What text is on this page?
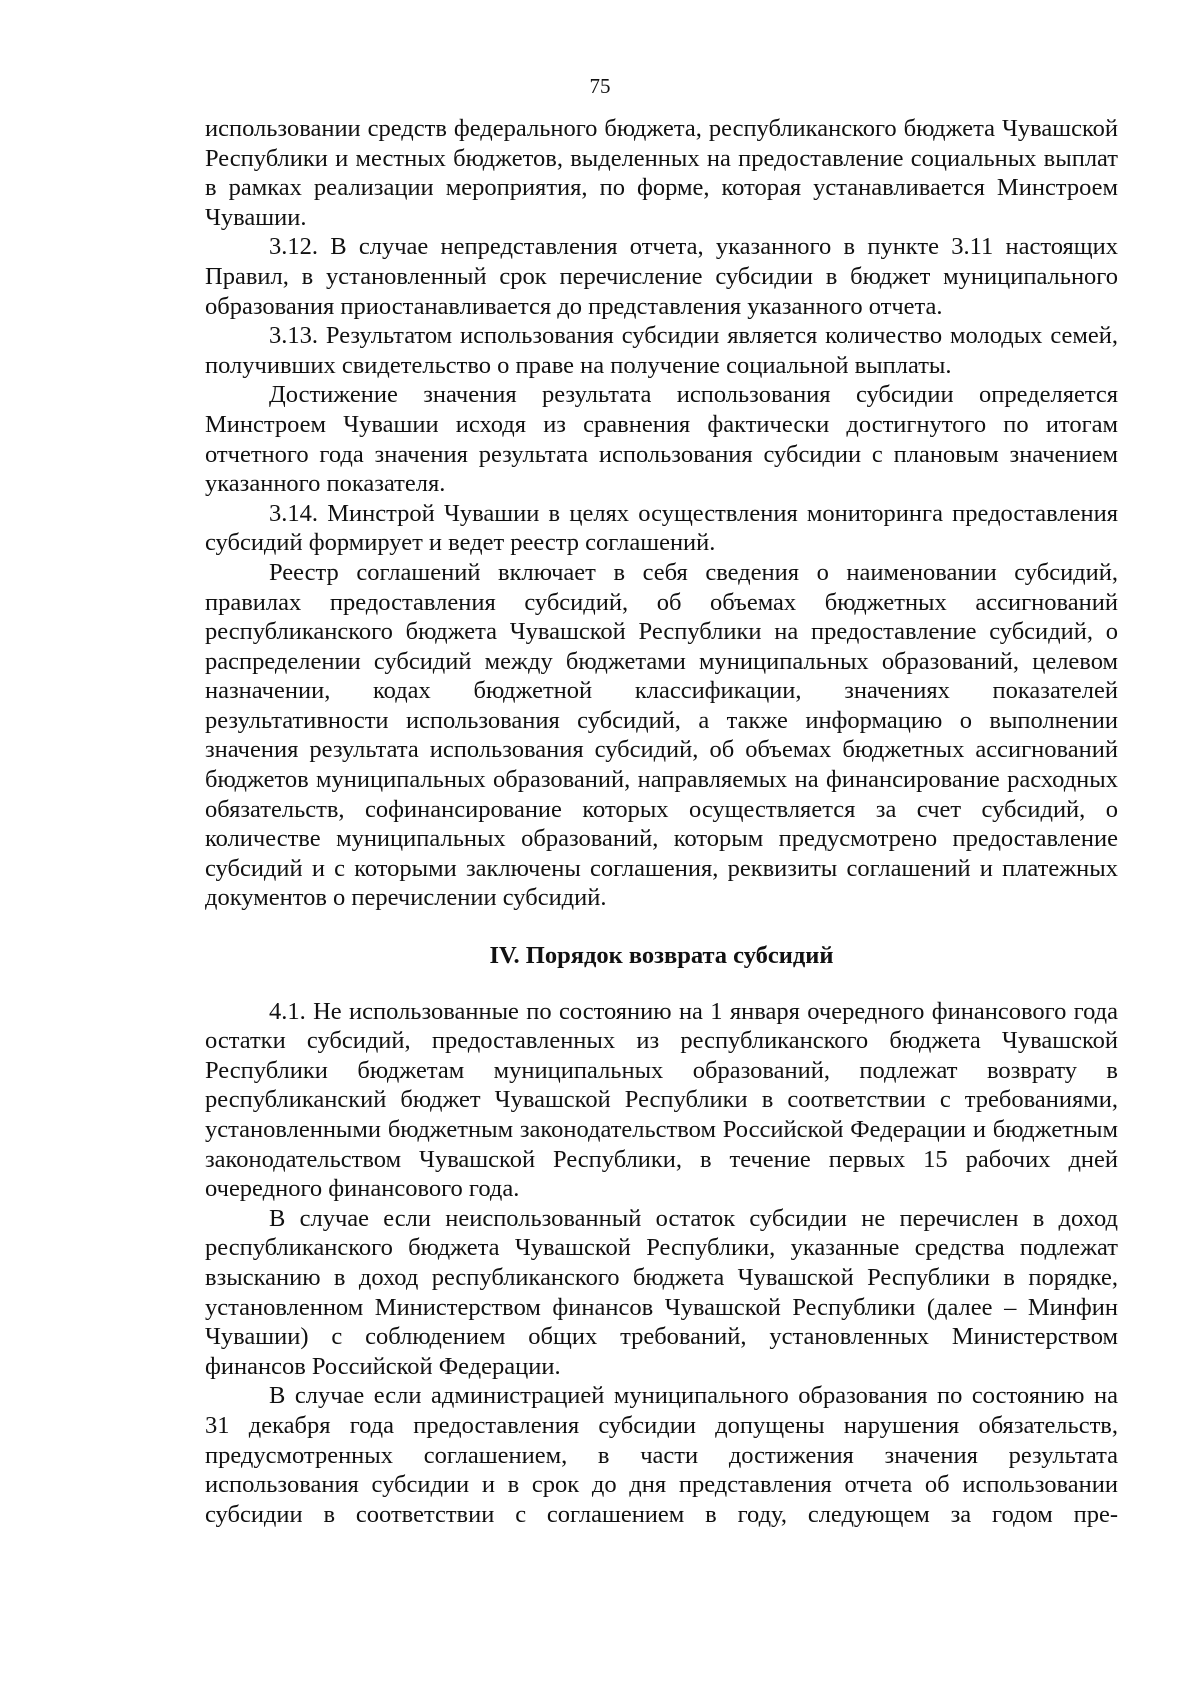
75

использовании средств федерального бюджета, республиканского бюджета Чувашской Республики и местных бюджетов, выделенных на предоставление социальных выплат в рамках реализации мероприятия, по форме, которая устанавливается Минстроем Чувашии.

3.12. В случае непредставления отчета, указанного в пункте 3.11 настоящих Правил, в установленный срок перечисление субсидии в бюджет муниципального образования приостанавливается до представления указанного отчета.

3.13. Результатом использования субсидии является количество молодых семей, получивших свидетельство о праве на получение социальной выплаты.

Достижение значения результата использования субсидии определяется Минстроем Чувашии исходя из сравнения фактически достигнутого по итогам отчетного года значения результата использования субсидии с плановым значением указанного показателя.

3.14. Минстрой Чувашии в целях осуществления мониторинга предоставления субсидий формирует и ведет реестр соглашений.

Реестр соглашений включает в себя сведения о наименовании субсидий, правилах предоставления субсидий, об объемах бюджетных ассигнований республиканского бюджета Чувашской Республики на предоставление субсидий, о распределении субсидий между бюджетами муниципальных образований, целевом назначении, кодах бюджетной классификации, значениях показателей результативности использования субсидий, а также информацию о выполнении значения результата использования субсидий, об объемах бюджетных ассигнований бюджетов муниципальных образований, направляемых на финансирование расходных обязательств, софинансирование которых осуществляется за счет субсидий, о количестве муниципальных образований, которым предусмотрено предоставление субсидий и с которыми заключены соглашения, реквизиты соглашений и платежных документов о перечислении субсидий.

IV. Порядок возврата субсидий

4.1. Не использованные по состоянию на 1 января очередного финансового года остатки субсидий, предоставленных из республиканского бюджета Чувашской Республики бюджетам муниципальных образований, подлежат возврату в республиканский бюджет Чувашской Республики в соответствии с требованиями, установленными бюджетным законодательством Российской Федерации и бюджетным законодательством Чувашской Республики, в течение первых 15 рабочих дней очередного финансового года.

В случае если неиспользованный остаток субсидии не перечислен в доход республиканского бюджета Чувашской Республики, указанные средства подлежат взысканию в доход республиканского бюджета Чувашской Республики в порядке, установленном Министерством финансов Чувашской Республики (далее – Минфин Чувашии) с соблюдением общих требований, установленных Министерством финансов Российской Федерации.

В случае если администрацией муниципального образования по состоянию на 31 декабря года предоставления субсидии допущены нарушения обязательств, предусмотренных соглашением, в части достижения значения результата использования субсидии и в срок до дня представления отчета об использовании субсидии в соответствии с соглашением в году, следующем за годом пре-
